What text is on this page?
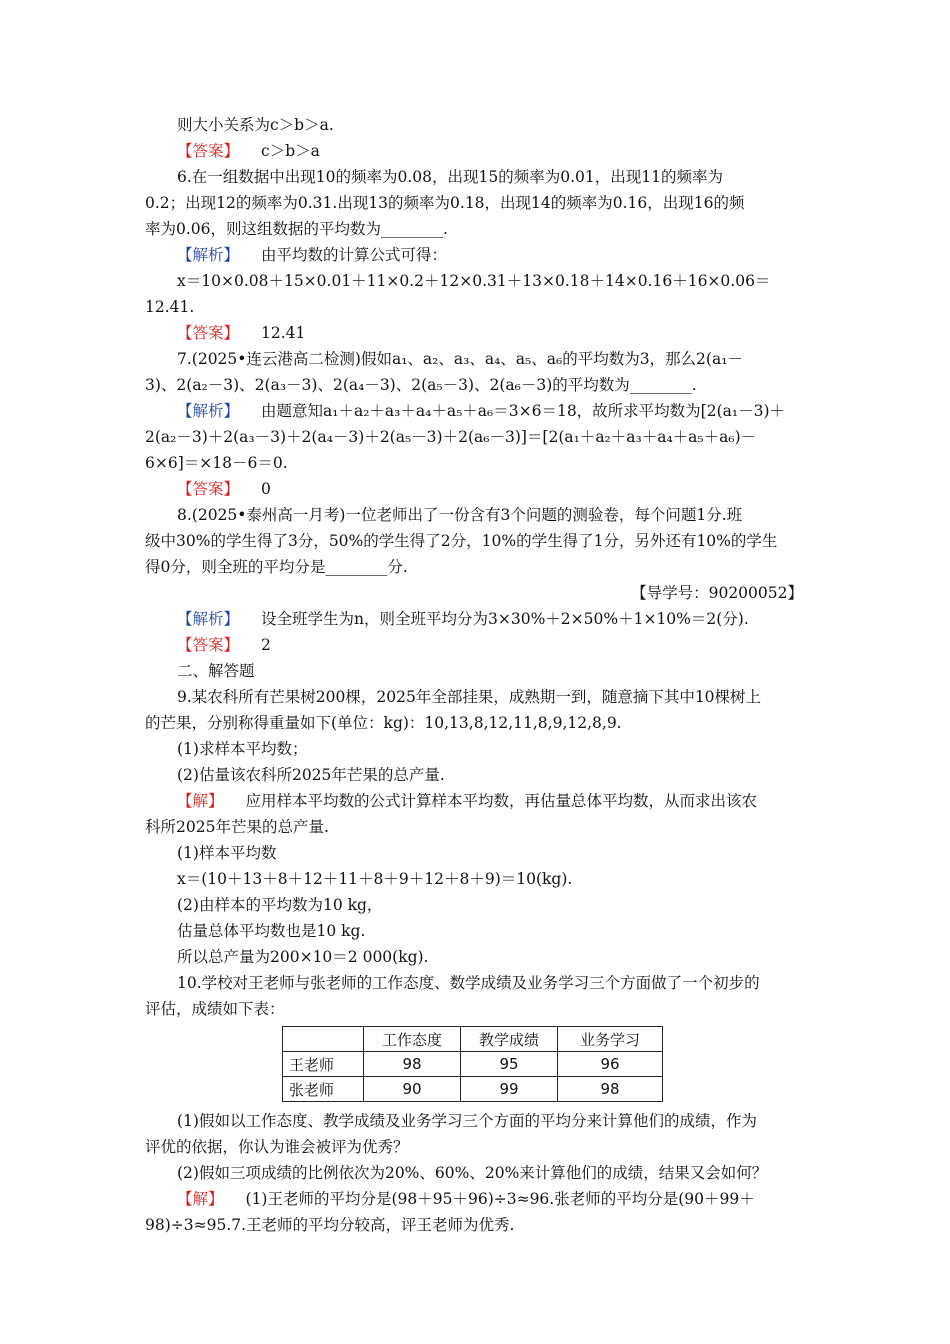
则大小关系为c＞b＞a.
【答案】 c＞b＞a
6.在一组数据中出现10的频率为0.08，出现15的频率为0.01，出现11的频率为
0.2；出现12的频率为0.31.出现13的频率为0.18，出现14的频率为0.16，出现16的频
率为0.06，则这组数据的平均数为________.
【解析】 由平均数的计算公式可得：
x＝10×0.08＋15×0.01＋11×0.2＋12×0.31＋13×0.18＋14×0.16＋16×0.06＝
12.41.
【答案】 12.41
7.(2025•连云港高二检测)假如a₁、a₂、a₃、a₄、a₅、a₆的平均数为3，那么2(a₁－
3)、2(a₂－3)、2(a₃－3)、2(a₄－3)、2(a₅－3)、2(a₆－3)的平均数为________.
【解析】 由题意知a₁＋a₂＋a₃＋a₄＋a₅＋a₆＝3×6＝18，故所求平均数为[2(a₁－3)＋
2(a₂－3)＋2(a₃－3)＋2(a₄－3)＋2(a₅－3)＋2(a₆－3)]＝[2(a₁＋a₂＋a₃＋a₄＋a₅＋a₆)－
6×6]＝×18－6＝0.
【答案】 0
8.(2025•泰州高一月考)一位老师出了一份含有3个问题的测验卷，每个问题1分.班
级中30%的学生得了3分，50%的学生得了2分，10%的学生得了1分，另外还有10%的学生
得0分，则全班的平均分是________分.
【导学号：90200052】
【解析】 设全班学生为n，则全班平均分为3×30%＋2×50%＋1×10%＝2(分).
【答案】 2
二、解答题
9.某农科所有芒果树200棵，2025年全部挂果，成熟期一到，随意摘下其中10棵树上
的芒果，分别称得重量如下(单位：kg)：10,13,8,12,11,8,9,12,8,9.
(1)求样本平均数；
(2)估量该农科所2025年芒果的总产量.
【解】 应用样本平均数的公式计算样本平均数，再估量总体平均数，从而求出该农
科所2025年芒果的总产量.
(1)样本平均数
x＝(10＋13＋8＋12＋11＋8＋9＋12＋8＋9)＝10(kg).
(2)由样本的平均数为10 kg，
估量总体平均数也是10 kg.
所以总产量为200×10＝2 000(kg).
10.学校对王老师与张老师的工作态度、数学成绩及业务学习三个方面做了一个初步的
评估，成绩如下表：
	工作态度	教学成绩	业务学习
王老师	98	95	96
张老师	90	99	98
(1)假如以工作态度、教学成绩及业务学习三个方面的平均分来计算他们的成绩，作为
评优的依据，你认为谁会被评为优秀？
(2)假如三项成绩的比例依次为20%、60%、20%来计算他们的成绩，结果又会如何？
【解】 (1)王老师的平均分是(98＋95＋96)÷3≈96.张老师的平均分是(90＋99＋
98)÷3≈95.7.王老师的平均分较高，评王老师为优秀.
